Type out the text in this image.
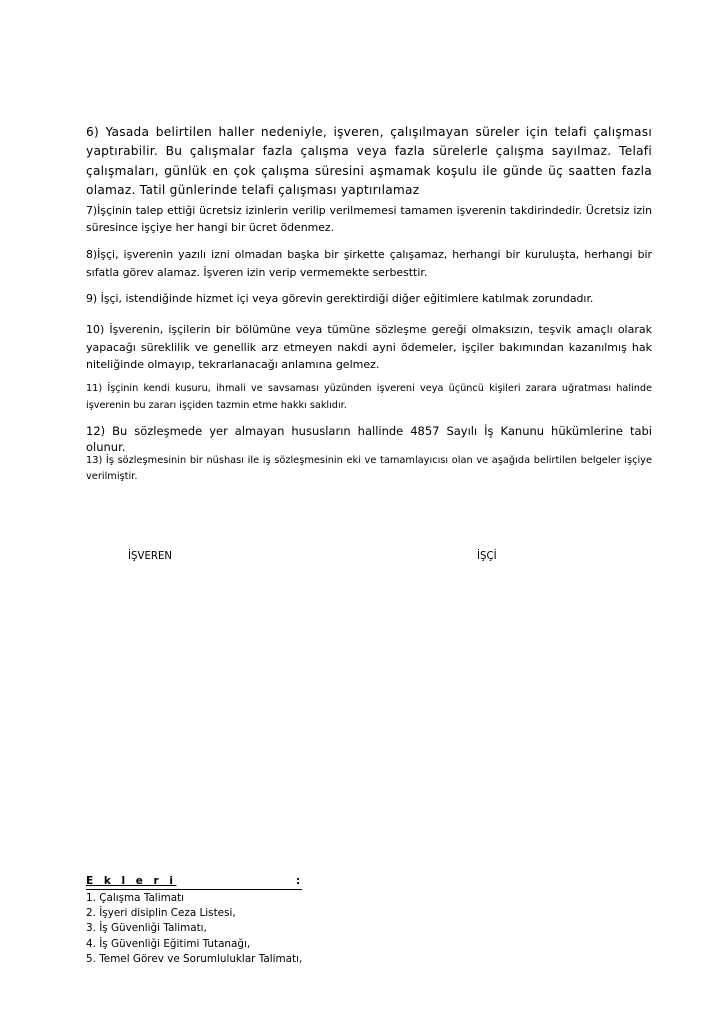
6) Yasada belirtilen haller nedeniyle, işveren, çalışılmayan süreler için telafi çalışması yaptırabilir. Bu çalışmalar fazla çalışma veya fazla sürelerle çalışma sayılmaz. Telafi çalışmaları, günlük en çok çalışma süresini aşmamak koşulu ile günde üç saatten fazla olamaz. Tatil günlerinde telafi çalışması yaptırılamaz

7)İşçinin talep ettiği ücretsiz izinlerin verilip verilmemesi tamamen işverenin takdirindedir. Ücretsiz izin süresince işçiye her hangi bir ücret ödenmez.

8)İşçi, işverenin yazılı izni olmadan başka bir şirkette çalışamaz, herhangi bir kuruluşta, herhangi bir sıfatla görev alamaz. İşveren izin verip vermemekte serbesttir.

9) İşçi, istendiğinde hizmet içi veya görevin gerektirdiği diğer eğitimlere katılmak zorundadır.

10) İşverenin, işçilerin bir bölümüne veya tümüne sözleşme gereği olmaksızın, teşvik amaçlı olarak yapacağı süreklilik ve genellik arz etmeyen nakdi ayni ödemeler, işçiler bakımından kazanılmış hak niteliğinde olmayıp, tekrarlanacağı anlamına gelmez.

11) İşçinin kendi kusuru, ihmali ve savsaması yüzünden işvereni veya üçüncü kişileri zarara uğratması halinde işverenin bu zararı işçiden tazmin etme hakkı saklıdır.

12) Bu sözleşmede yer almayan hususların hallinde 4857 Sayılı İş Kanunu hükümlerine tabi olunur.

13) İş sözleşmesinin bir nüshası ile iş sözleşmesinin eki ve tamamlayıcısı olan ve aşağıda belirtilen belgeler işçiye verilmiştir.

İŞVEREN	İŞÇİ
E k l e r i	:
1. Çalışma Talimatı
2. İşyeri disiplin Ceza Listesi,
3. İş Güvenliği Talimatı,
4. İş Güvenliği Eğitimi Tutanağı,
5. Temel Görev ve Sorumluluklar Talimatı,
